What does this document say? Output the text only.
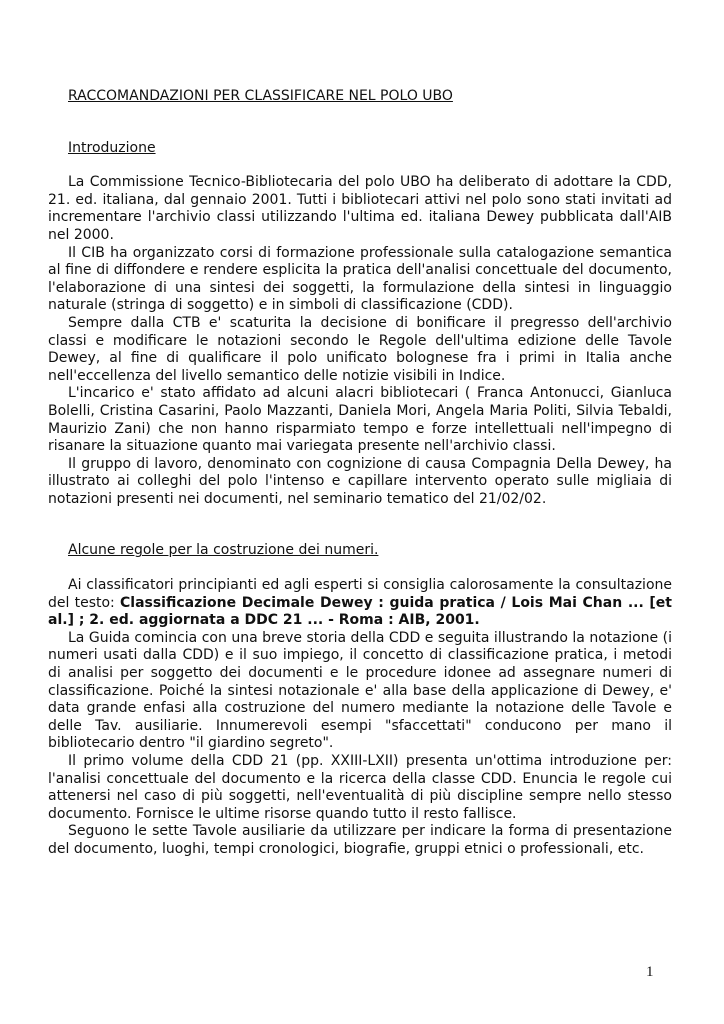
RACCOMANDAZIONI PER CLASSIFICARE NEL POLO UBO
Introduzione

La Commissione Tecnico-Bibliotecaria del polo UBO ha deliberato di adottare la CDD, 21. ed. italiana, dal gennaio 2001. Tutti i bibliotecari attivi nel polo sono stati invitati ad incrementare l'archivio classi utilizzando l'ultima ed. italiana Dewey pubblicata dall'AIB nel 2000.

Il CIB ha organizzato corsi di formazione professionale sulla catalogazione semantica al fine di diffondere e rendere esplicita la pratica dell'analisi concettuale del documento, l'elaborazione di una sintesi dei soggetti, la formulazione della sintesi in linguaggio naturale (stringa di soggetto) e in simboli di classificazione (CDD).

Sempre dalla CTB e' scaturita la decisione di bonificare il pregresso dell'archivio classi e modificare le notazioni secondo le Regole dell'ultima edizione delle Tavole Dewey, al fine di qualificare il polo unificato bolognese fra i primi in Italia anche nell'eccellenza del livello semantico delle notizie visibili in Indice.

L'incarico e' stato affidato ad alcuni alacri bibliotecari ( Franca Antonucci, Gianluca Bolelli, Cristina Casarini, Paolo Mazzanti, Daniela Mori, Angela Maria Politi, Silvia Tebaldi, Maurizio Zani) che non hanno risparmiato tempo e forze intellettuali nell'impegno di risanare la situazione quanto mai variegata presente nell'archivio classi.

Il gruppo di lavoro, denominato con cognizione di causa Compagnia Della Dewey, ha illustrato ai colleghi del polo l'intenso e capillare intervento operato sulle migliaia di notazioni presenti nei documenti, nel seminario tematico del 21/02/02.

Alcune regole per la costruzione dei numeri.

Ai classificatori principianti ed agli esperti si consiglia calorosamente la consultazione del testo: Classificazione Decimale Dewey : guida pratica / Lois Mai Chan ... [et al.] ; 2. ed. aggiornata a DDC 21 ... - Roma : AIB, 2001.

La Guida comincia con una breve storia della CDD e seguita illustrando la notazione (i numeri usati dalla CDD) e il suo impiego, il concetto di classificazione pratica, i metodi di analisi per soggetto dei documenti e le procedure idonee ad assegnare numeri di classificazione. Poiché la sintesi notazionale e' alla base della applicazione di Dewey, e' data grande enfasi alla costruzione del numero mediante la notazione delle Tavole e delle Tav. ausiliarie. Innumerevoli esempi "sfaccettati" conducono per mano il bibliotecario dentro "il giardino segreto".

Il primo volume della CDD 21 (pp. XXIII-LXII) presenta un'ottima introduzione per: l'analisi concettuale del documento e la ricerca della classe CDD. Enuncia le regole cui attenersi nel caso di più soggetti, nell'eventualità di più discipline sempre nello stesso documento. Fornisce le ultime risorse quando tutto il resto fallisce.

Seguono le sette Tavole ausiliarie da utilizzare per indicare la forma di presentazione del documento, luoghi, tempi cronologici, biografie, gruppi etnici o professionali, etc.

1
